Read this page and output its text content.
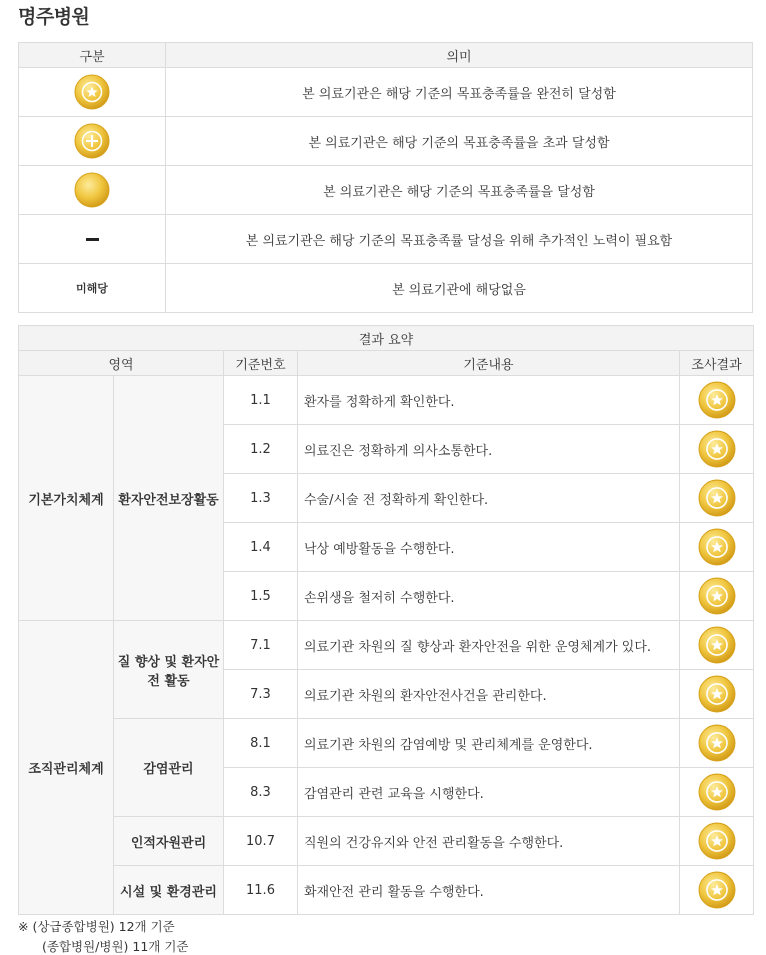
명주병원
구분	의미
	본 의료기관은 해당 기준의 목표충족률을 완전히 달성함
	본 의료기관은 해당 기준의 목표충족률을 초과 달성함
	본 의료기관은 해당 기준의 목표충족률을 달성함
	본 의료기관은 해당 기준의 목표충족률 달성을 위해 추가적인 노력이 필요함
미해당	본 의료기관에 해당없음
결과 요약				
영역		기준번호	기준내용	조사결과
기본가치체계	환자안전보장활동	1.1	환자를 정확하게 확인한다.	
		1.2	의료진은 정확하게 의사소통한다.	
		1.3	수술/시술 전 정확하게 확인한다.	
		1.4	낙상 예방활동을 수행한다.	
		1.5	손위생을 철저히 수행한다.	
조직관리체계	질 향상 및 환자안전 활동	7.1	의료기관 차원의 질 향상과 환자안전을 위한 운영체계가 있다.	
		7.3	의료기관 차원의 환자안전사건을 관리한다.	
	감염관리	8.1	의료기관 차원의 감염예방 및 관리체계를 운영한다.	
		8.3	감염관리 관련 교육을 시행한다.	
	인적자원관리	10.7	직원의 건강유지와 안전 관리활동을 수행한다.	
	시설 및 환경관리	11.6	화재안전 관리 활동을 수행한다.	
※ (상급종합병원) 12개 기준
(종합병원/병원) 11개 기준
